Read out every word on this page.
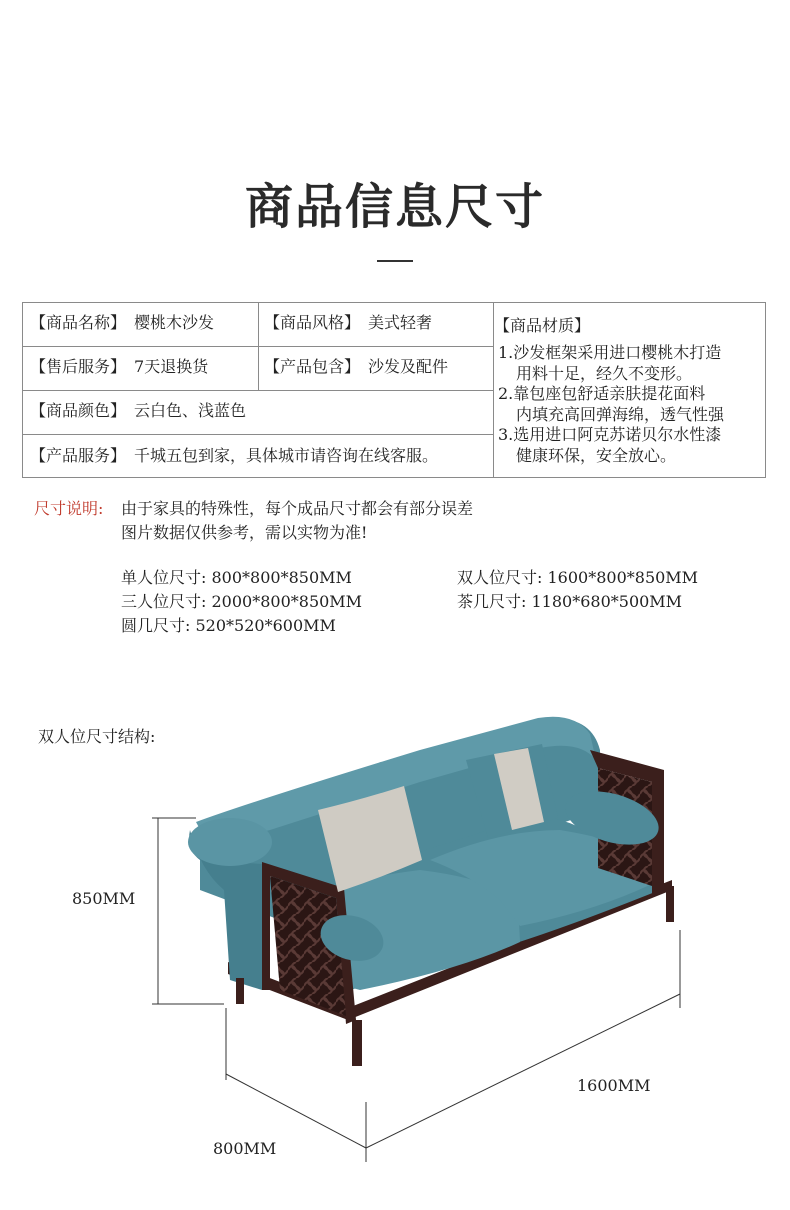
商品信息尺寸
【商品名称】 樱桃木沙发	【商品风格】 美式轻奢
【售后服务】 7天退换货	【产品包含】 沙发及配件
【商品颜色】 云白色、浅蓝色
【产品服务】 千城五包到家，具体城市请咨询在线客服。
【商品材质】
1.沙发框架采用进口樱桃木打造
用料十足，经久不变形。
2.靠包座包舒适亲肤提花面料
内填充高回弹海绵，透气性强
3.选用进口阿克苏诺贝尔水性漆
健康环保，安全放心。
尺寸说明: 由于家具的特殊性，每个成品尺寸都会有部分误差
图片数据仅供参考，需以实物为准!
单人位尺寸: 800*800*850MM	双人位尺寸: 1600*800*850MM
三人位尺寸: 2000*800*850MM	茶几尺寸: 1180*680*500MM
圆几尺寸: 520*520*600MM
双人位尺寸结构:
850MM
1600MM
800MM
